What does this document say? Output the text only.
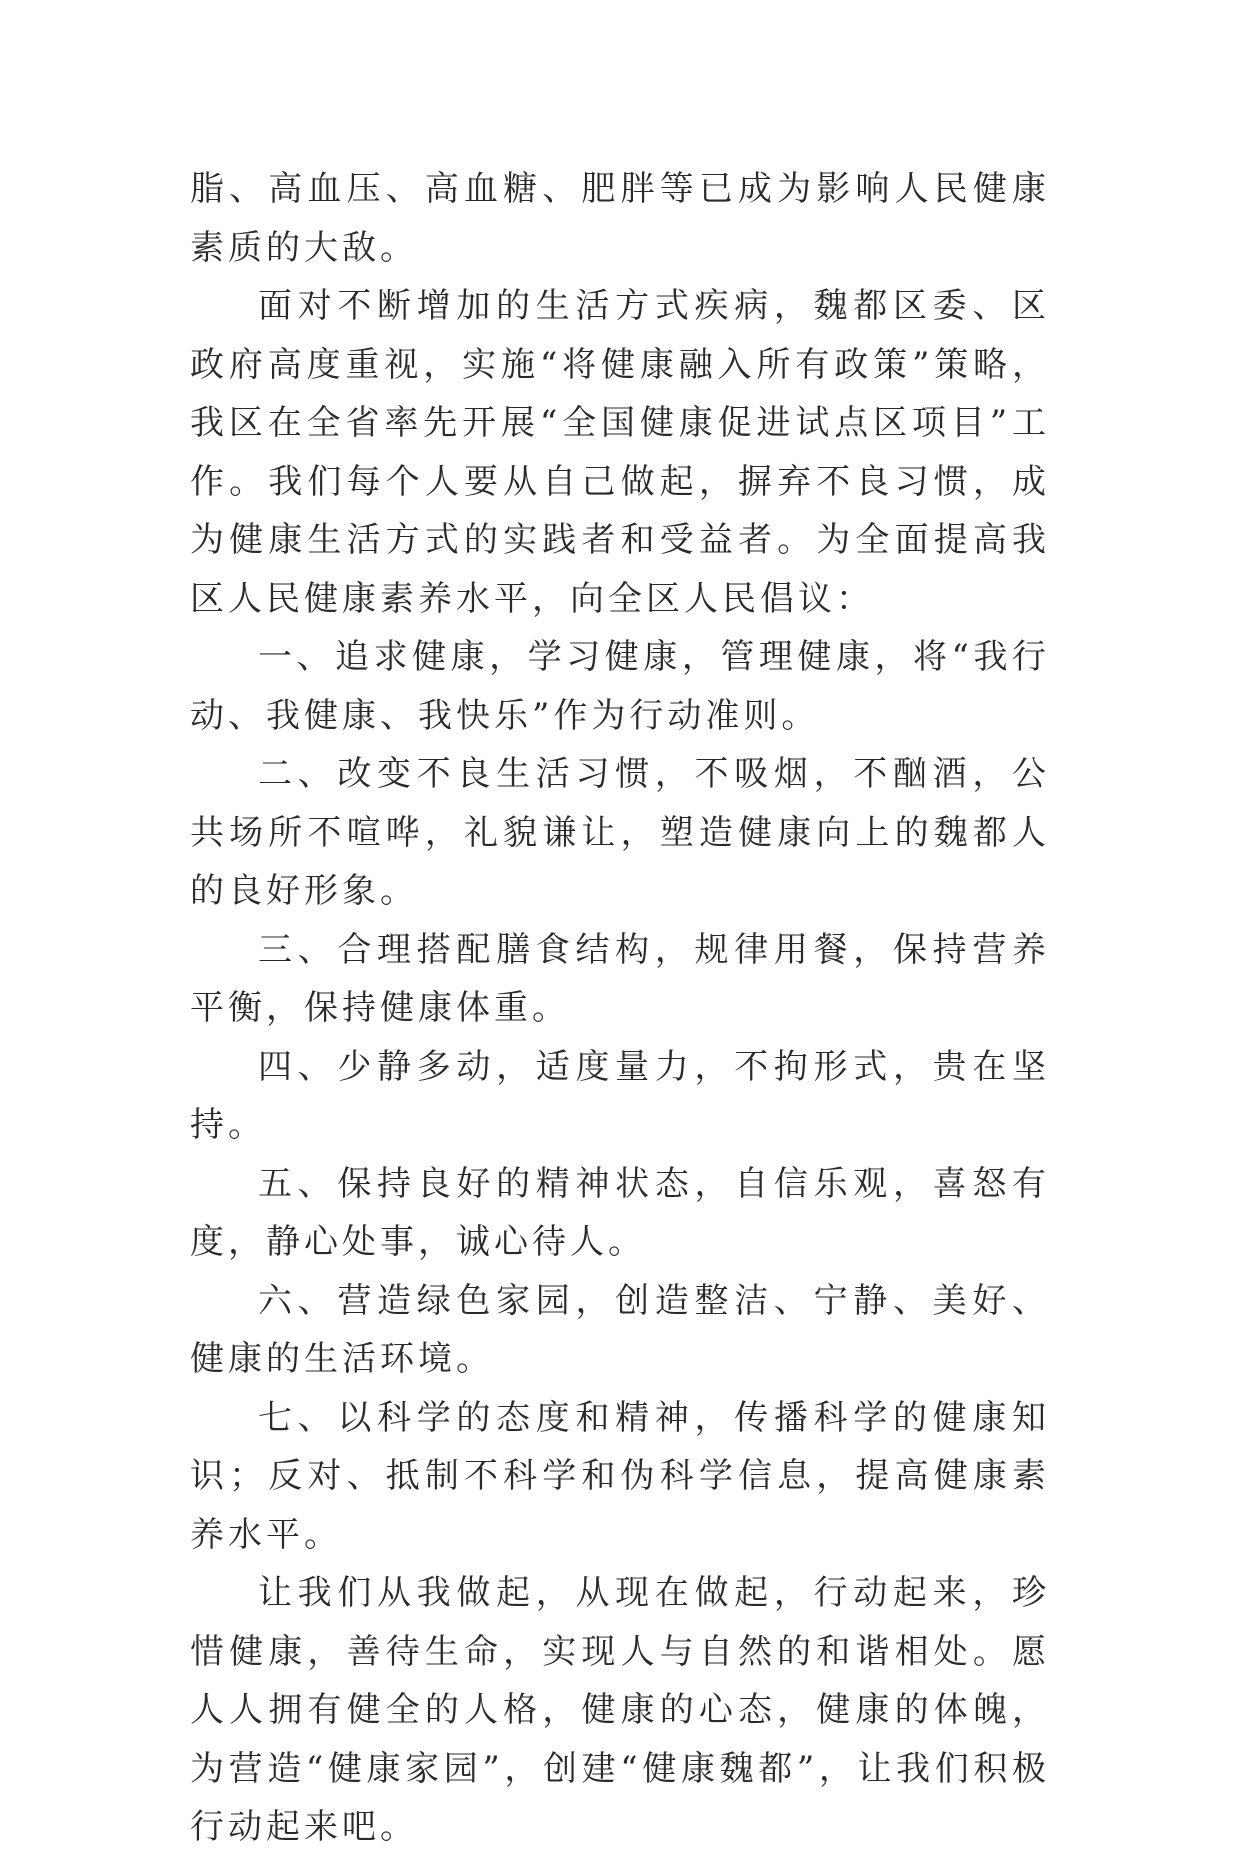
脂、高血压、高血糖、肥胖等已成为影响人民健康素质的大敌。

面对不断增加的生活方式疾病，魏都区委、区政府高度重视，实施“将健康融入所有政策”策略，我区在全省率先开展“全国健康促进试点区项目”工作。我们每个人要从自己做起，摒弃不良习惯，成为健康生活方式的实践者和受益者。为全面提高我区人民健康素养水平，向全区人民倡议：

一、追求健康，学习健康，管理健康，将“我行动、我健康、我快乐”作为行动准则。

二、改变不良生活习惯，不吸烟，不酗酒，公共场所不喧哗，礼貌谦让，塑造健康向上的魏都人的良好形象。

三、合理搭配膳食结构，规律用餐，保持营养平衡，保持健康体重。

四、少静多动，适度量力，不拘形式，贵在坚持。

五、保持良好的精神状态，自信乐观，喜怒有度，静心处事，诚心待人。

六、营造绿色家园，创造整洁、宁静、美好、健康的生活环境。

七、以科学的态度和精神，传播科学的健康知识；反对、抵制不科学和伪科学信息，提高健康素养水平。

让我们从我做起，从现在做起，行动起来，珍惜健康，善待生命，实现人与自然的和谐相处。愿人人拥有健全的人格，健康的心态，健康的体魄，为营造“健康家园”，创建“健康魏都”，让我们积极行动起来吧。
